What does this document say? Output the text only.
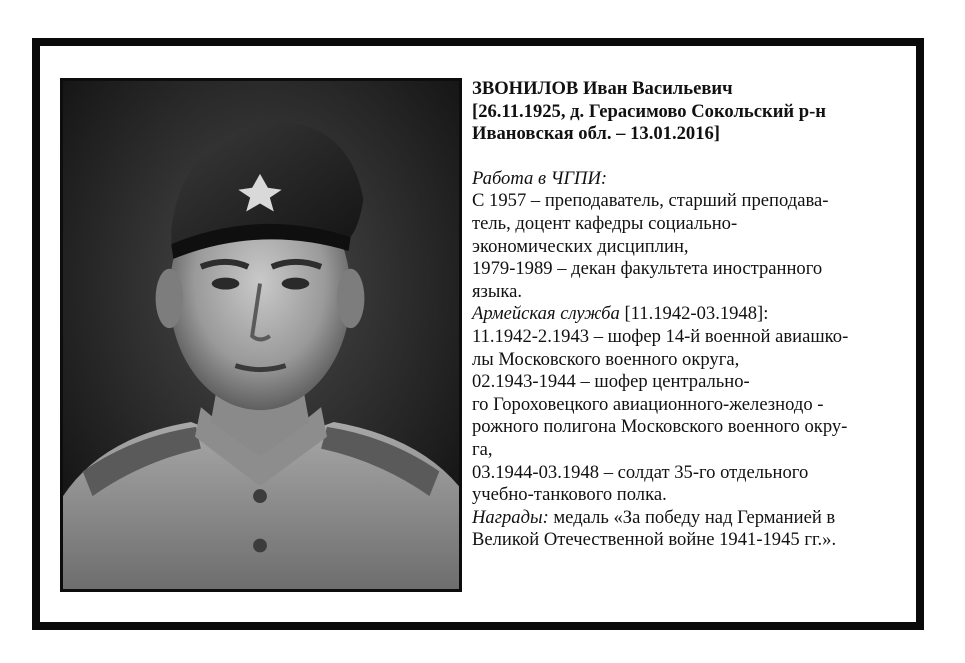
ЗВОНИЛОВ Иван Васильевич
[26.11.1925, д. Герасимово Сокольский р-н
Ивановская обл. – 13.01.2016]
Работа в ЧГПИ:
С 1957 – преподаватель, старший преподава-
тель, доцент кафедры социально-
экономических дисциплин,
1979-1989 – декан факультета иностранного
языка.
Армейская служба [11.1942-03.1948]:
11.1942-2.1943 – шофер 14-й военной авиашко-
лы Московского военного округа,
02.1943-1944 – шофер центрально-
го Гороховецкого авиационного-железнодо -
рожного полигона Московского военного окру-
га,
03.1944-03.1948 – солдат 35-го отдельного
учебно-танкового полка.
Награды: медаль «За победу над Германией в
Великой Отечественной войне 1941-1945 гг.».
